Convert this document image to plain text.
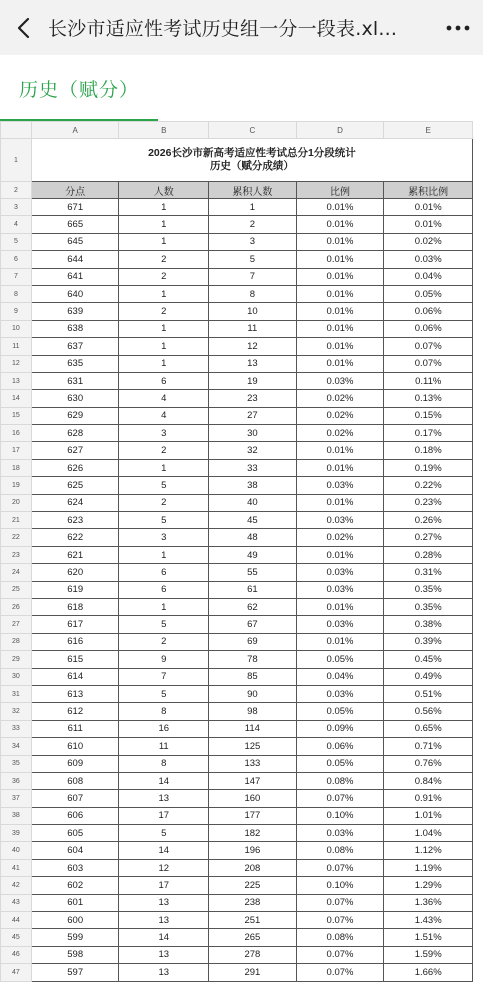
长沙市适应性考试历史组一分一段表.xl...
历史（赋分）
	A	B	C	D	E	
1	2026长沙市新高考适应性考试总分1分段统计
历史（赋分成绩）					

2	分点	人数	累积人数	比例	累积比例	
3	671	1	1	0.01%	0.01%	
4	665	1	2	0.01%	0.01%	
5	645	1	3	0.01%	0.02%	
6	644	2	5	0.01%	0.03%	
7	641	2	7	0.01%	0.04%	
8	640	1	8	0.01%	0.05%	
9	639	2	10	0.01%	0.06%	
10	638	1	11	0.01%	0.06%	
11	637	1	12	0.01%	0.07%	
12	635	1	13	0.01%	0.07%	
13	631	6	19	0.03%	0.11%	
14	630	4	23	0.02%	0.13%	
15	629	4	27	0.02%	0.15%	
16	628	3	30	0.02%	0.17%	
17	627	2	32	0.01%	0.18%	
18	626	1	33	0.01%	0.19%	
19	625	5	38	0.03%	0.22%	
20	624	2	40	0.01%	0.23%	
21	623	5	45	0.03%	0.26%	
22	622	3	48	0.02%	0.27%	
23	621	1	49	0.01%	0.28%	
24	620	6	55	0.03%	0.31%	
25	619	6	61	0.03%	0.35%	
26	618	1	62	0.01%	0.35%	
27	617	5	67	0.03%	0.38%	
28	616	2	69	0.01%	0.39%	
29	615	9	78	0.05%	0.45%	
30	614	7	85	0.04%	0.49%	
31	613	5	90	0.03%	0.51%	
32	612	8	98	0.05%	0.56%	
33	611	16	114	0.09%	0.65%	
34	610	11	125	0.06%	0.71%	
35	609	8	133	0.05%	0.76%	
36	608	14	147	0.08%	0.84%	
37	607	13	160	0.07%	0.91%	
38	606	17	177	0.10%	1.01%	
39	605	5	182	0.03%	1.04%	
40	604	14	196	0.08%	1.12%	
41	603	12	208	0.07%	1.19%	
42	602	17	225	0.10%	1.29%	
43	601	13	238	0.07%	1.36%	
44	600	13	251	0.07%	1.43%	
45	599	14	265	0.08%	1.51%	
46	598	13	278	0.07%	1.59%	
47	597	13	291	0.07%	1.66%	
